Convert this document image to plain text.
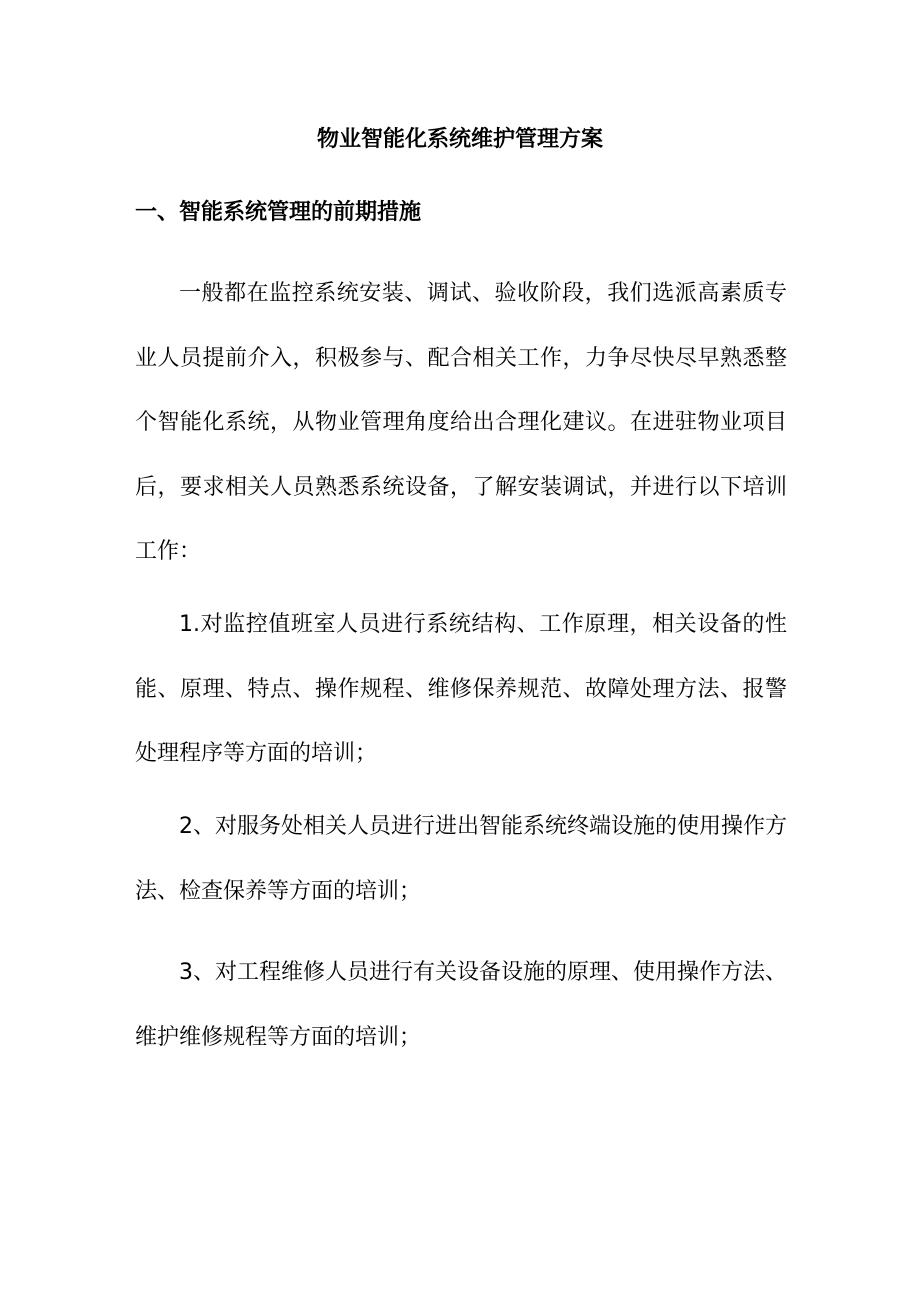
物业智能化系统维护管理方案
一、智能系统管理的前期措施

一般都在监控系统安装、调试、验收阶段，我们选派高素质专业人员提前介入，积极参与、配合相关工作，力争尽快尽早熟悉整个智能化系统，从物业管理角度给出合理化建议。在进驻物业项目后，要求相关人员熟悉系统设备，了解安装调试，并进行以下培训工作：

1.对监控值班室人员进行系统结构、工作原理，相关设备的性能、原理、特点、操作规程、维修保养规范、故障处理方法、报警处理程序等方面的培训；

2、对服务处相关人员进行进出智能系统终端设施的使用操作方法、检查保养等方面的培训；

3、对工程维修人员进行有关设备设施的原理、使用操作方法、维护维修规程等方面的培训；
